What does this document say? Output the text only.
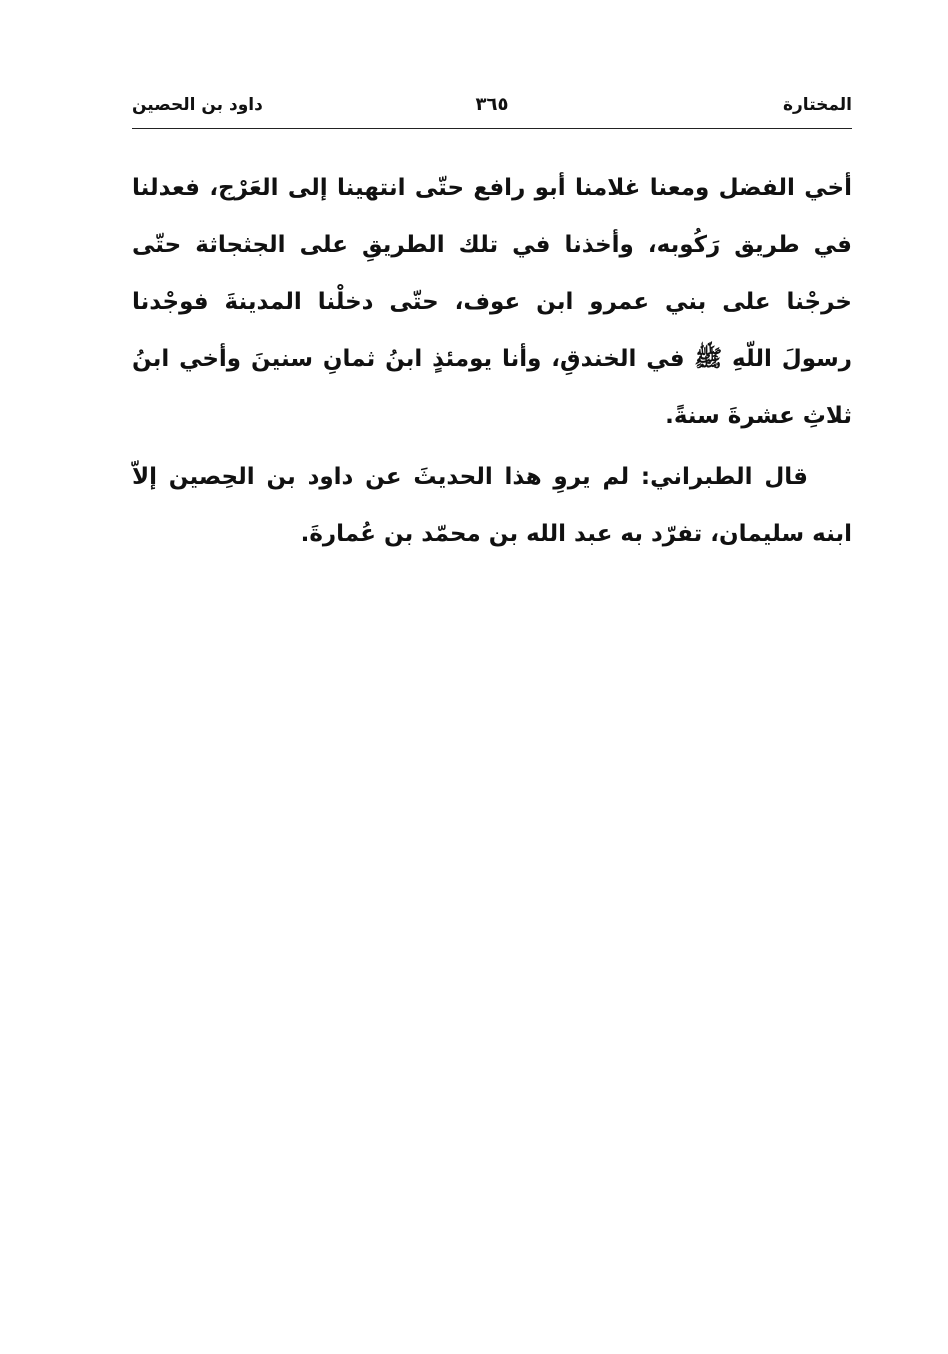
المختارة
٣٦٥
داود بن الحصين

أخي الفضل ومعنا غلامنا أبو رافع حتّى انتهينا إلى العَرْج، فعدلنا في طريق رَكُوبه، وأخذنا في تلك الطريقِ على الجثجاثة حتّى خرجْنا على بني عمرو ابن عوف، حتّى دخلْنا المدينةَ فوجْدنا رسولَ اللّهِ ﷺ في الخندقِ، وأنا يومئذٍ ابنُ ثمانِ سنينَ وأخي ابنُ ثلاثِ عشرةَ سنةً.

قال الطبراني: لم يروِ هذا الحديثَ عن داود بن الحِصين إلاّ ابنه سليمان، تفرّد به عبد الله بن محمّد بن عُمارةَ.
